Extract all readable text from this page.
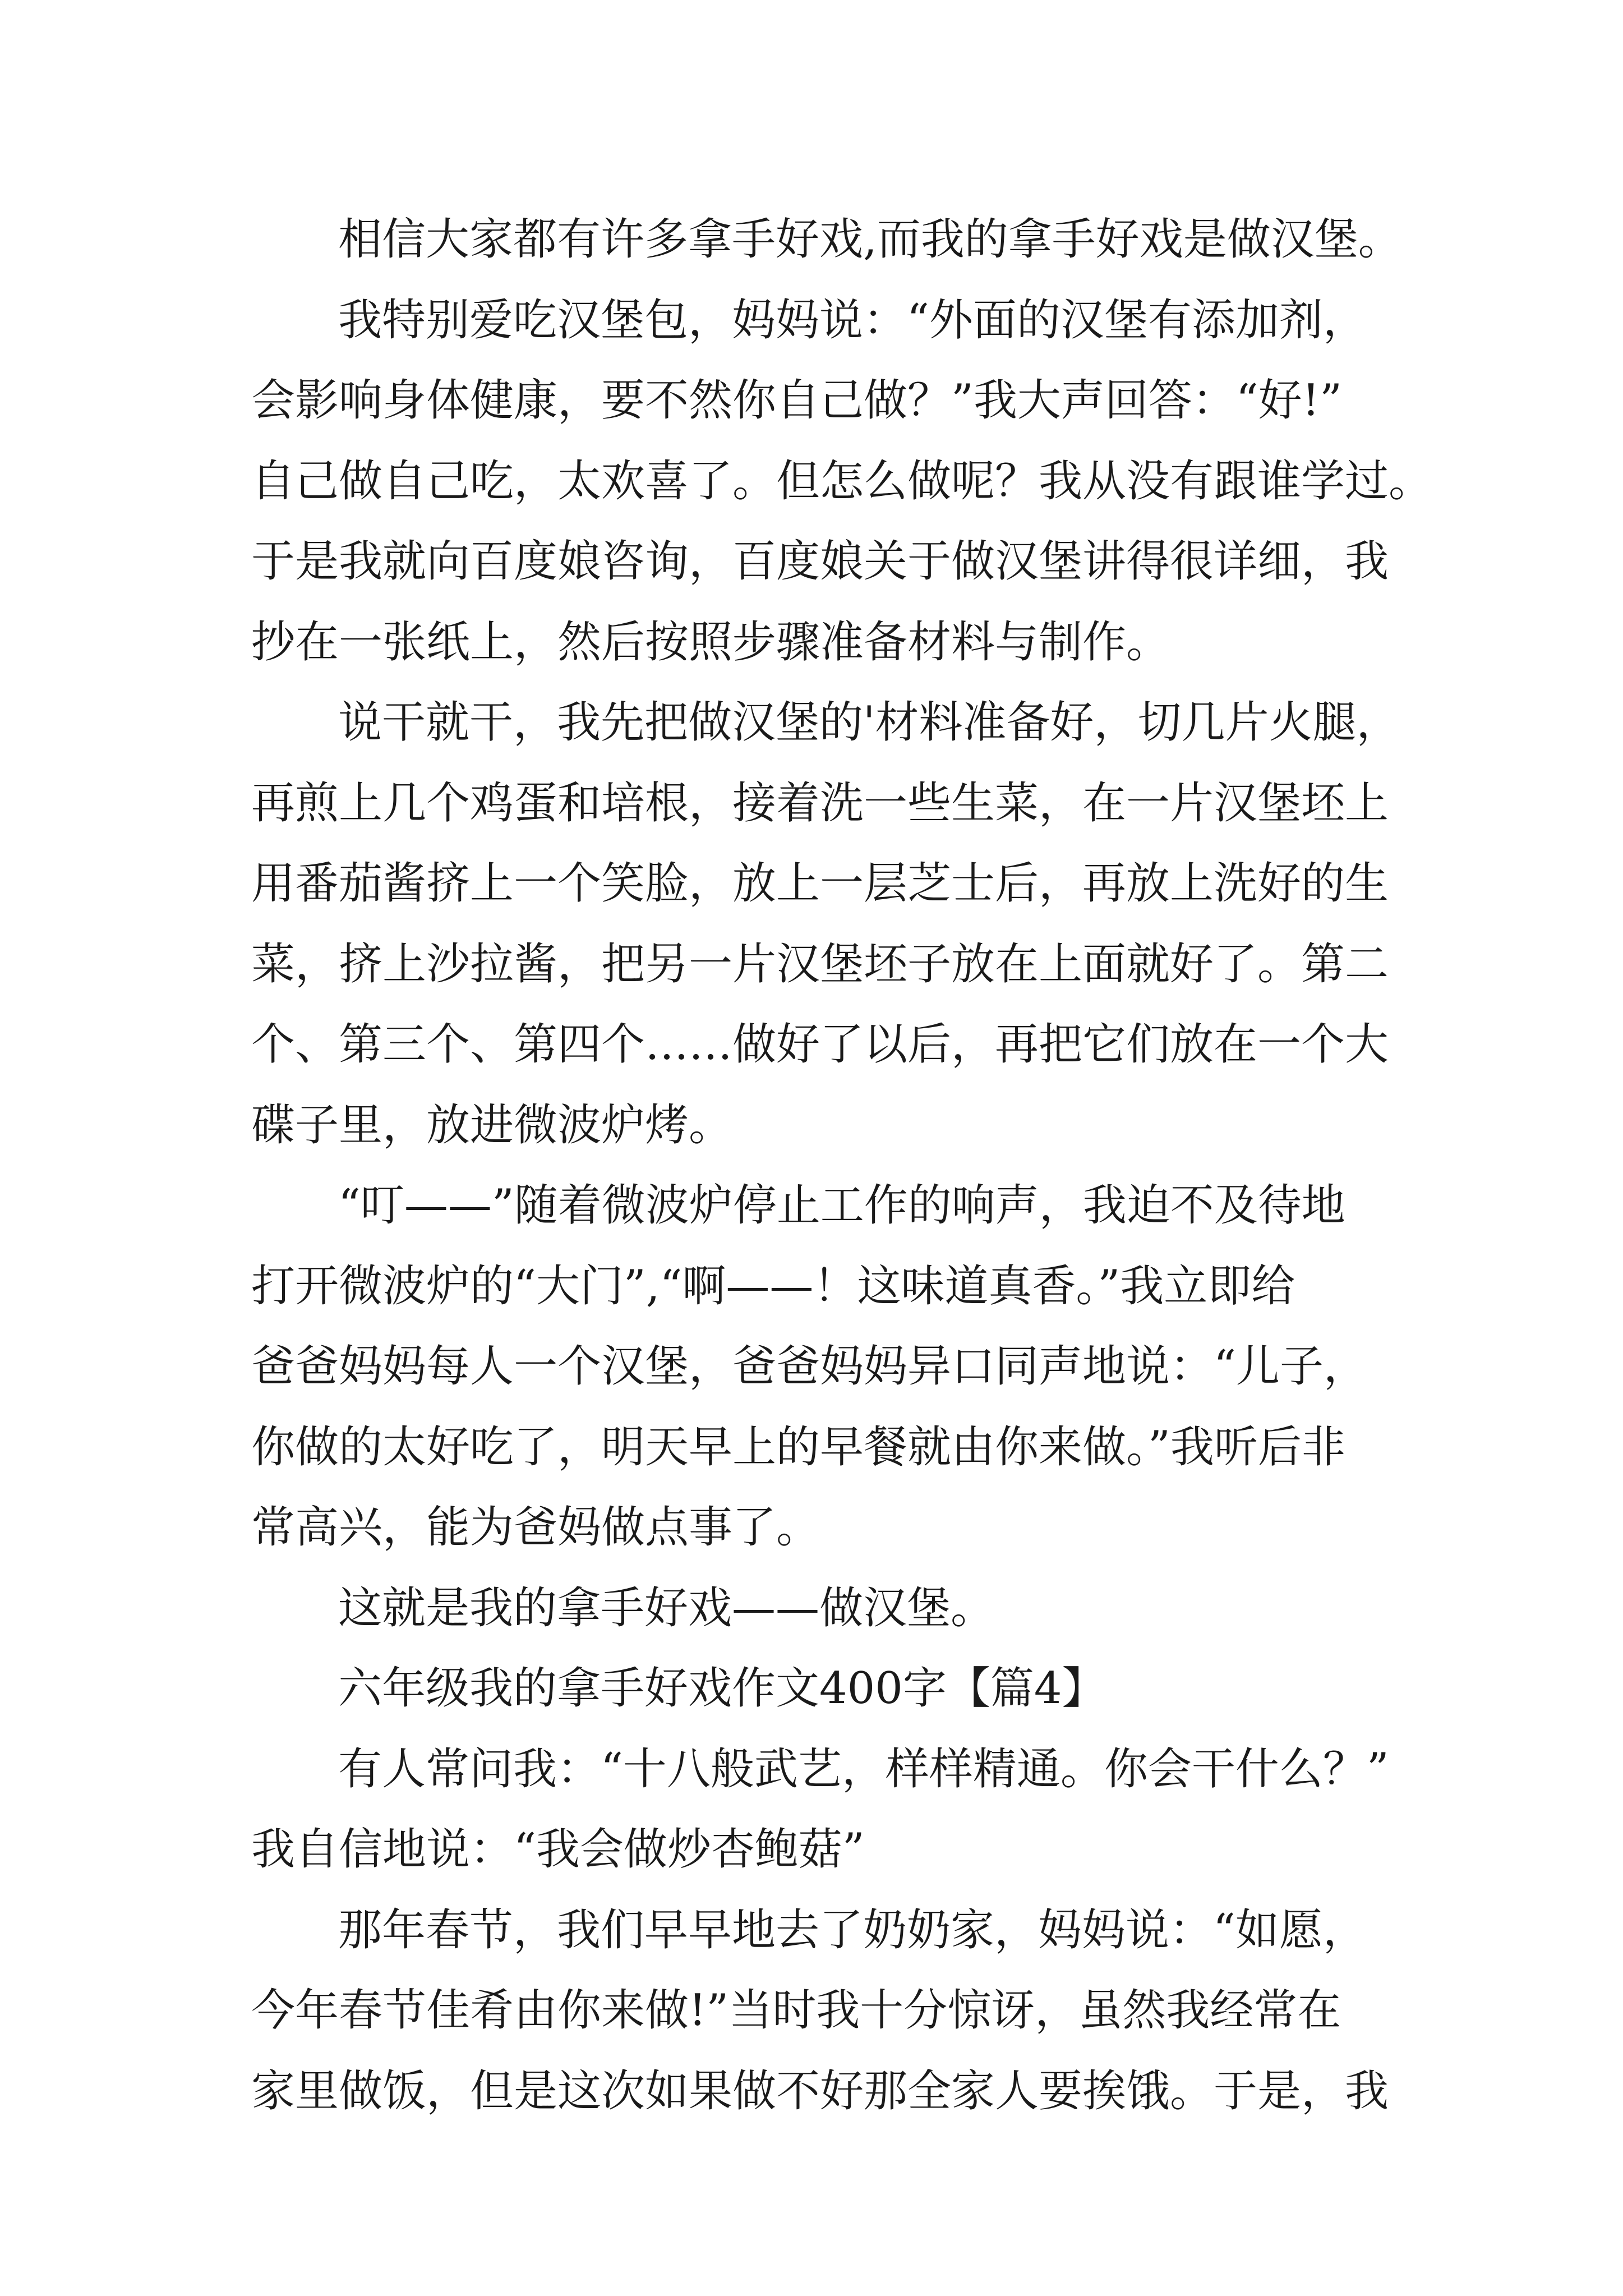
相信大家都有许多拿手好戏,而我的拿手好戏是做汉堡。
我特别爱吃汉堡包，妈妈说：“外面的汉堡有添加剂，
会影响身体健康，要不然你自己做？”我大声回答：“好!”
自己做自己吃，太欢喜了。但怎么做呢？我从没有跟谁学过。
于是我就向百度娘咨询，百度娘关于做汉堡讲得很详细，我
抄在一张纸上，然后按照步骤准备材料与制作。
说干就干，我先把做汉堡的'材料准备好，切几片火腿，
再煎上几个鸡蛋和培根，接着洗一些生菜，在一片汉堡坯上
用番茄酱挤上一个笑脸，放上一层芝士后，再放上洗好的生
菜，挤上沙拉酱，把另一片汉堡坯子放在上面就好了。第二
个、第三个、第四个……做好了以后，再把它们放在一个大
碟子里，放进微波炉烤。
“叮——”随着微波炉停止工作的响声，我迫不及待地
打开微波炉的“大门”,“啊——！这味道真香。”我立即给
爸爸妈妈每人一个汉堡，爸爸妈妈异口同声地说：“儿子，
你做的太好吃了，明天早上的早餐就由你来做。”我听后非
常高兴，能为爸妈做点事了。
这就是我的拿手好戏——做汉堡。
六年级我的拿手好戏作文400字【篇4】
有人常问我：“十八般武艺，样样精通。你会干什么？”
我自信地说：“我会做炒杏鲍菇”
那年春节，我们早早地去了奶奶家，妈妈说：“如愿，
今年春节佳肴由你来做!”当时我十分惊讶，虽然我经常在
家里做饭，但是这次如果做不好那全家人要挨饿。于是，我
